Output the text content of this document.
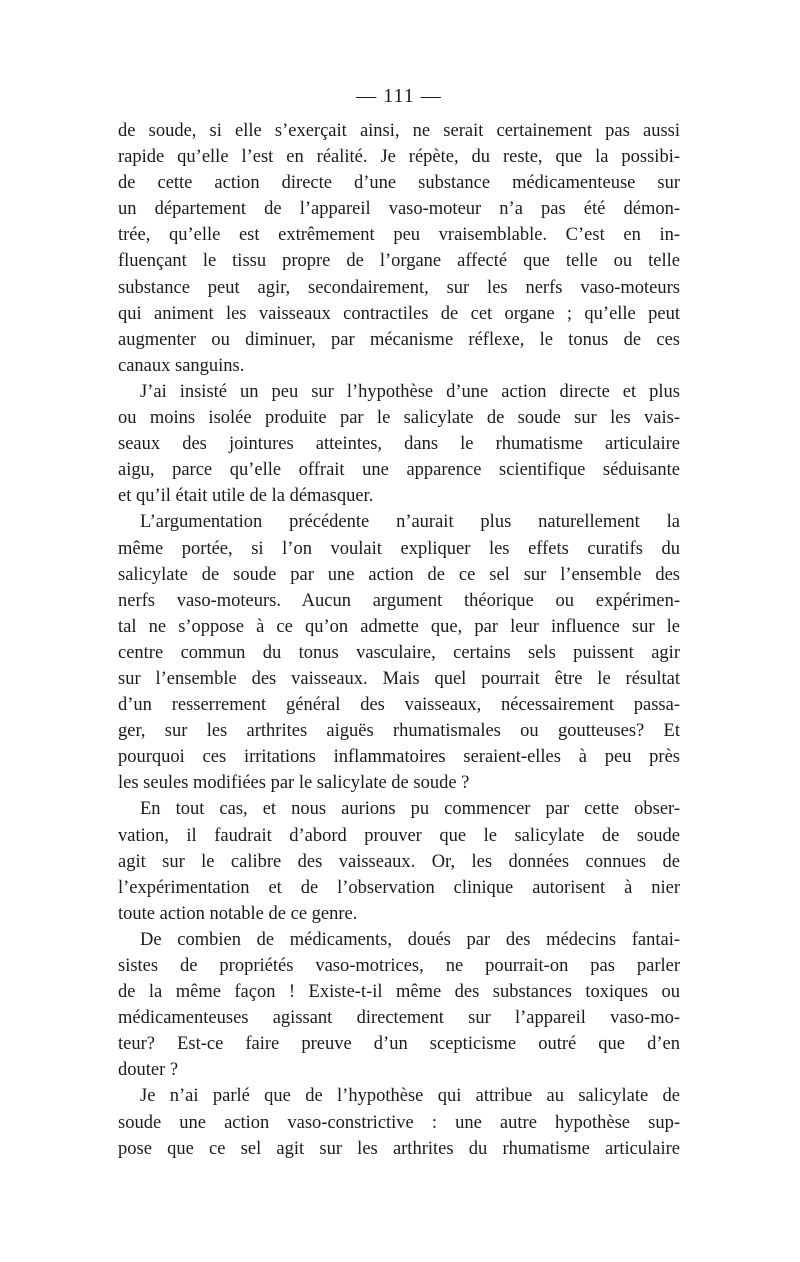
— 111 —

de soude, si elle s’exerçait ainsi, ne serait certainement pas aussi

rapide qu’elle l’est en réalité. Je répète, du reste, que la possibi-

de cette action directe d’une substance médicamenteuse sur

un département de l’appareil vaso-moteur n’a pas été démon-

trée, qu’elle est extrêmement peu vraisemblable. C’est en in-

fluençant le tissu propre de l’organe affecté que telle ou telle

substance peut agir, secondairement, sur les nerfs vaso-moteurs

qui animent les vaisseaux contractiles de cet organe ; qu’elle peut

augmenter ou diminuer, par mécanisme réflexe, le tonus de ces

canaux sanguins.

J’ai insisté un peu sur l’hypothèse d’une action directe et plus

ou moins isolée produite par le salicylate de soude sur les vais-

seaux des jointures atteintes, dans le rhumatisme articulaire

aigu, parce qu’elle offrait une apparence scientifique séduisante

et qu’il était utile de la démasquer.

L’argumentation précédente n’aurait plus naturellement la

même portée, si l’on voulait expliquer les effets curatifs du

salicylate de soude par une action de ce sel sur l’ensemble des

nerfs vaso-moteurs. Aucun argument théorique ou expérimen-

tal ne s’oppose à ce qu’on admette que, par leur influence sur le

centre commun du tonus vasculaire, certains sels puissent agir

sur l’ensemble des vaisseaux. Mais quel pourrait être le résultat

d’un resserrement général des vaisseaux, nécessairement passa-

ger, sur les arthrites aiguës rhumatismales ou goutteuses? Et

pourquoi ces irritations inflammatoires seraient-elles à peu près

les seules modifiées par le salicylate de soude ?

En tout cas, et nous aurions pu commencer par cette obser-

vation, il faudrait d’abord prouver que le salicylate de soude

agit sur le calibre des vaisseaux. Or, les données connues de

l’expérimentation et de l’observation clinique autorisent à nier

toute action notable de ce genre.

De combien de médicaments, doués par des médecins fantai-

sistes de propriétés vaso-motrices, ne pourrait-on pas parler

de la même façon ! Existe-t-il même des substances toxiques ou

médicamenteuses agissant directement sur l’appareil vaso-mo-

teur? Est-ce faire preuve d’un scepticisme outré que d’en

douter ?

Je n’ai parlé que de l’hypothèse qui attribue au salicylate de

soude une action vaso-constrictive : une autre hypothèse sup-

pose que ce sel agit sur les arthrites du rhumatisme articulaire
